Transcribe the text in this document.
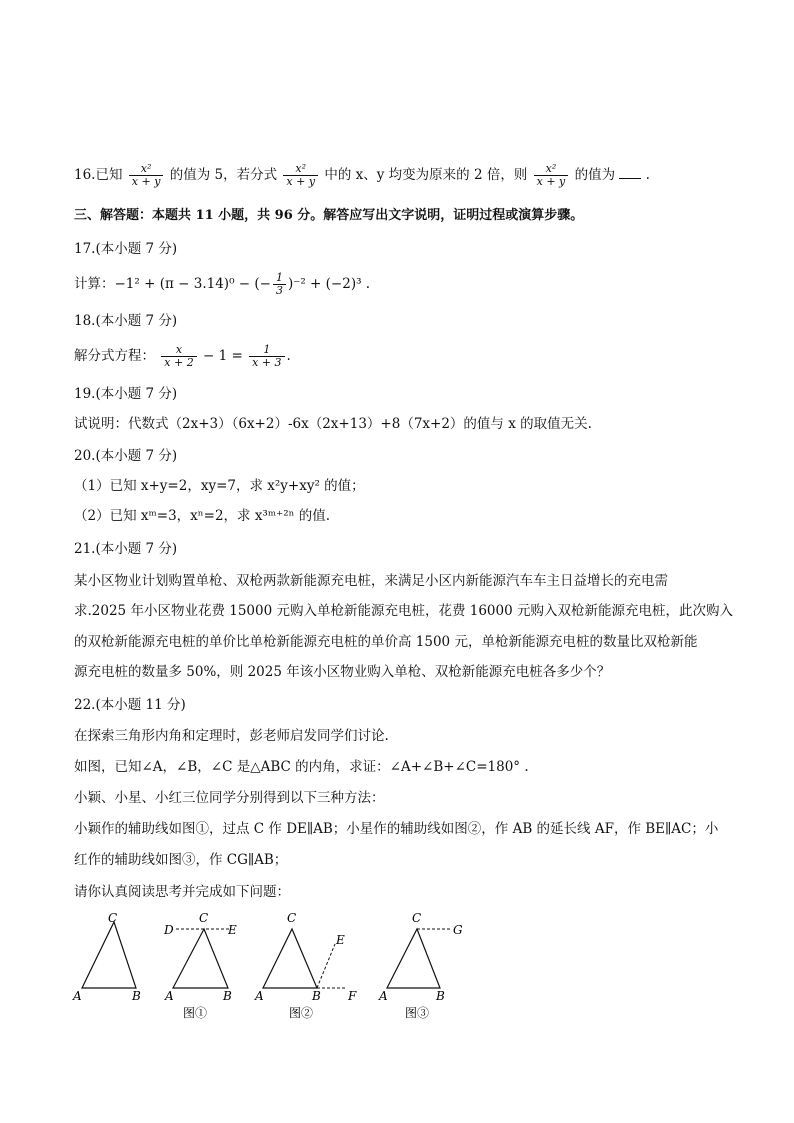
16.已知 $\frac{\text{x²}}{x + y}$ 的值为 5，若分式 $\frac{\text{x²}}{x + y}$ 中的 x、y 均变为原来的 2 倍，则 $\frac{\text{x²}}{x + y}$ 的值为 .
三、解答题：本题共 11 小题，共 96 分。解答应写出文字说明，证明过程或演算步骤。
17.(本小题 7 分)
计算：−1² + (π − 3.14)⁰ − (− $\frac{1}{3} )^{-2} + (-2)^3$ .
18.(本小题 7 分)
解分式方程： $\frac{x}{x + 2} - 1 = \frac{1}{x + 3}$ .
19.(本小题 7 分)
试说明：代数式（2x+3）（6x+2）-6x（2x+13）+8（7x+2）的值与 x 的取值无关.
20.(本小题 7 分)
（1）已知 x+y=2，xy=7，求 x²y+xy² 的值；
（2）已知 xᵐ=3，xⁿ=2，求 x³ᵐ⁺²ⁿ 的值.
21.(本小题 7 分)
某小区物业计划购置单枪、双枪两款新能源充电桩，来满足小区内新能源汽车车主日益增长的充电需
求.2025 年小区物业花费 15000 元购入单枪新能源充电桩，花费 16000 元购入双枪新能源充电桩，此次购入
的双枪新能源充电桩的单价比单枪新能源充电桩的单价高 1500 元，单枪新能源充电桩的数量比双枪新能
源充电桩的数量多 50%，则 2025 年该小区物业购入单枪、双枪新能源充电桩各多少个？
22.(本小题 11 分)
在探索三角形内角和定理时，彭老师启发同学们讨论.
如图，已知∠A，∠B，∠C 是△ABC 的内角，求证：∠A+∠B+∠C=180° .
小颖、小星、小红三位同学分别得到以下三种方法：
小颖作的辅助线如图①，过点 C 作 DE∥AB；小星作的辅助线如图②，作 AB 的延长线 AF，作 BE∥AC；小
红作的辅助线如图③，作 CG∥AB；
请你认真阅读思考并完成如下问题：
C
A	B
C
D	E
A	B
图①
C
E
A	B F
图②
C
G
A	B
图③
